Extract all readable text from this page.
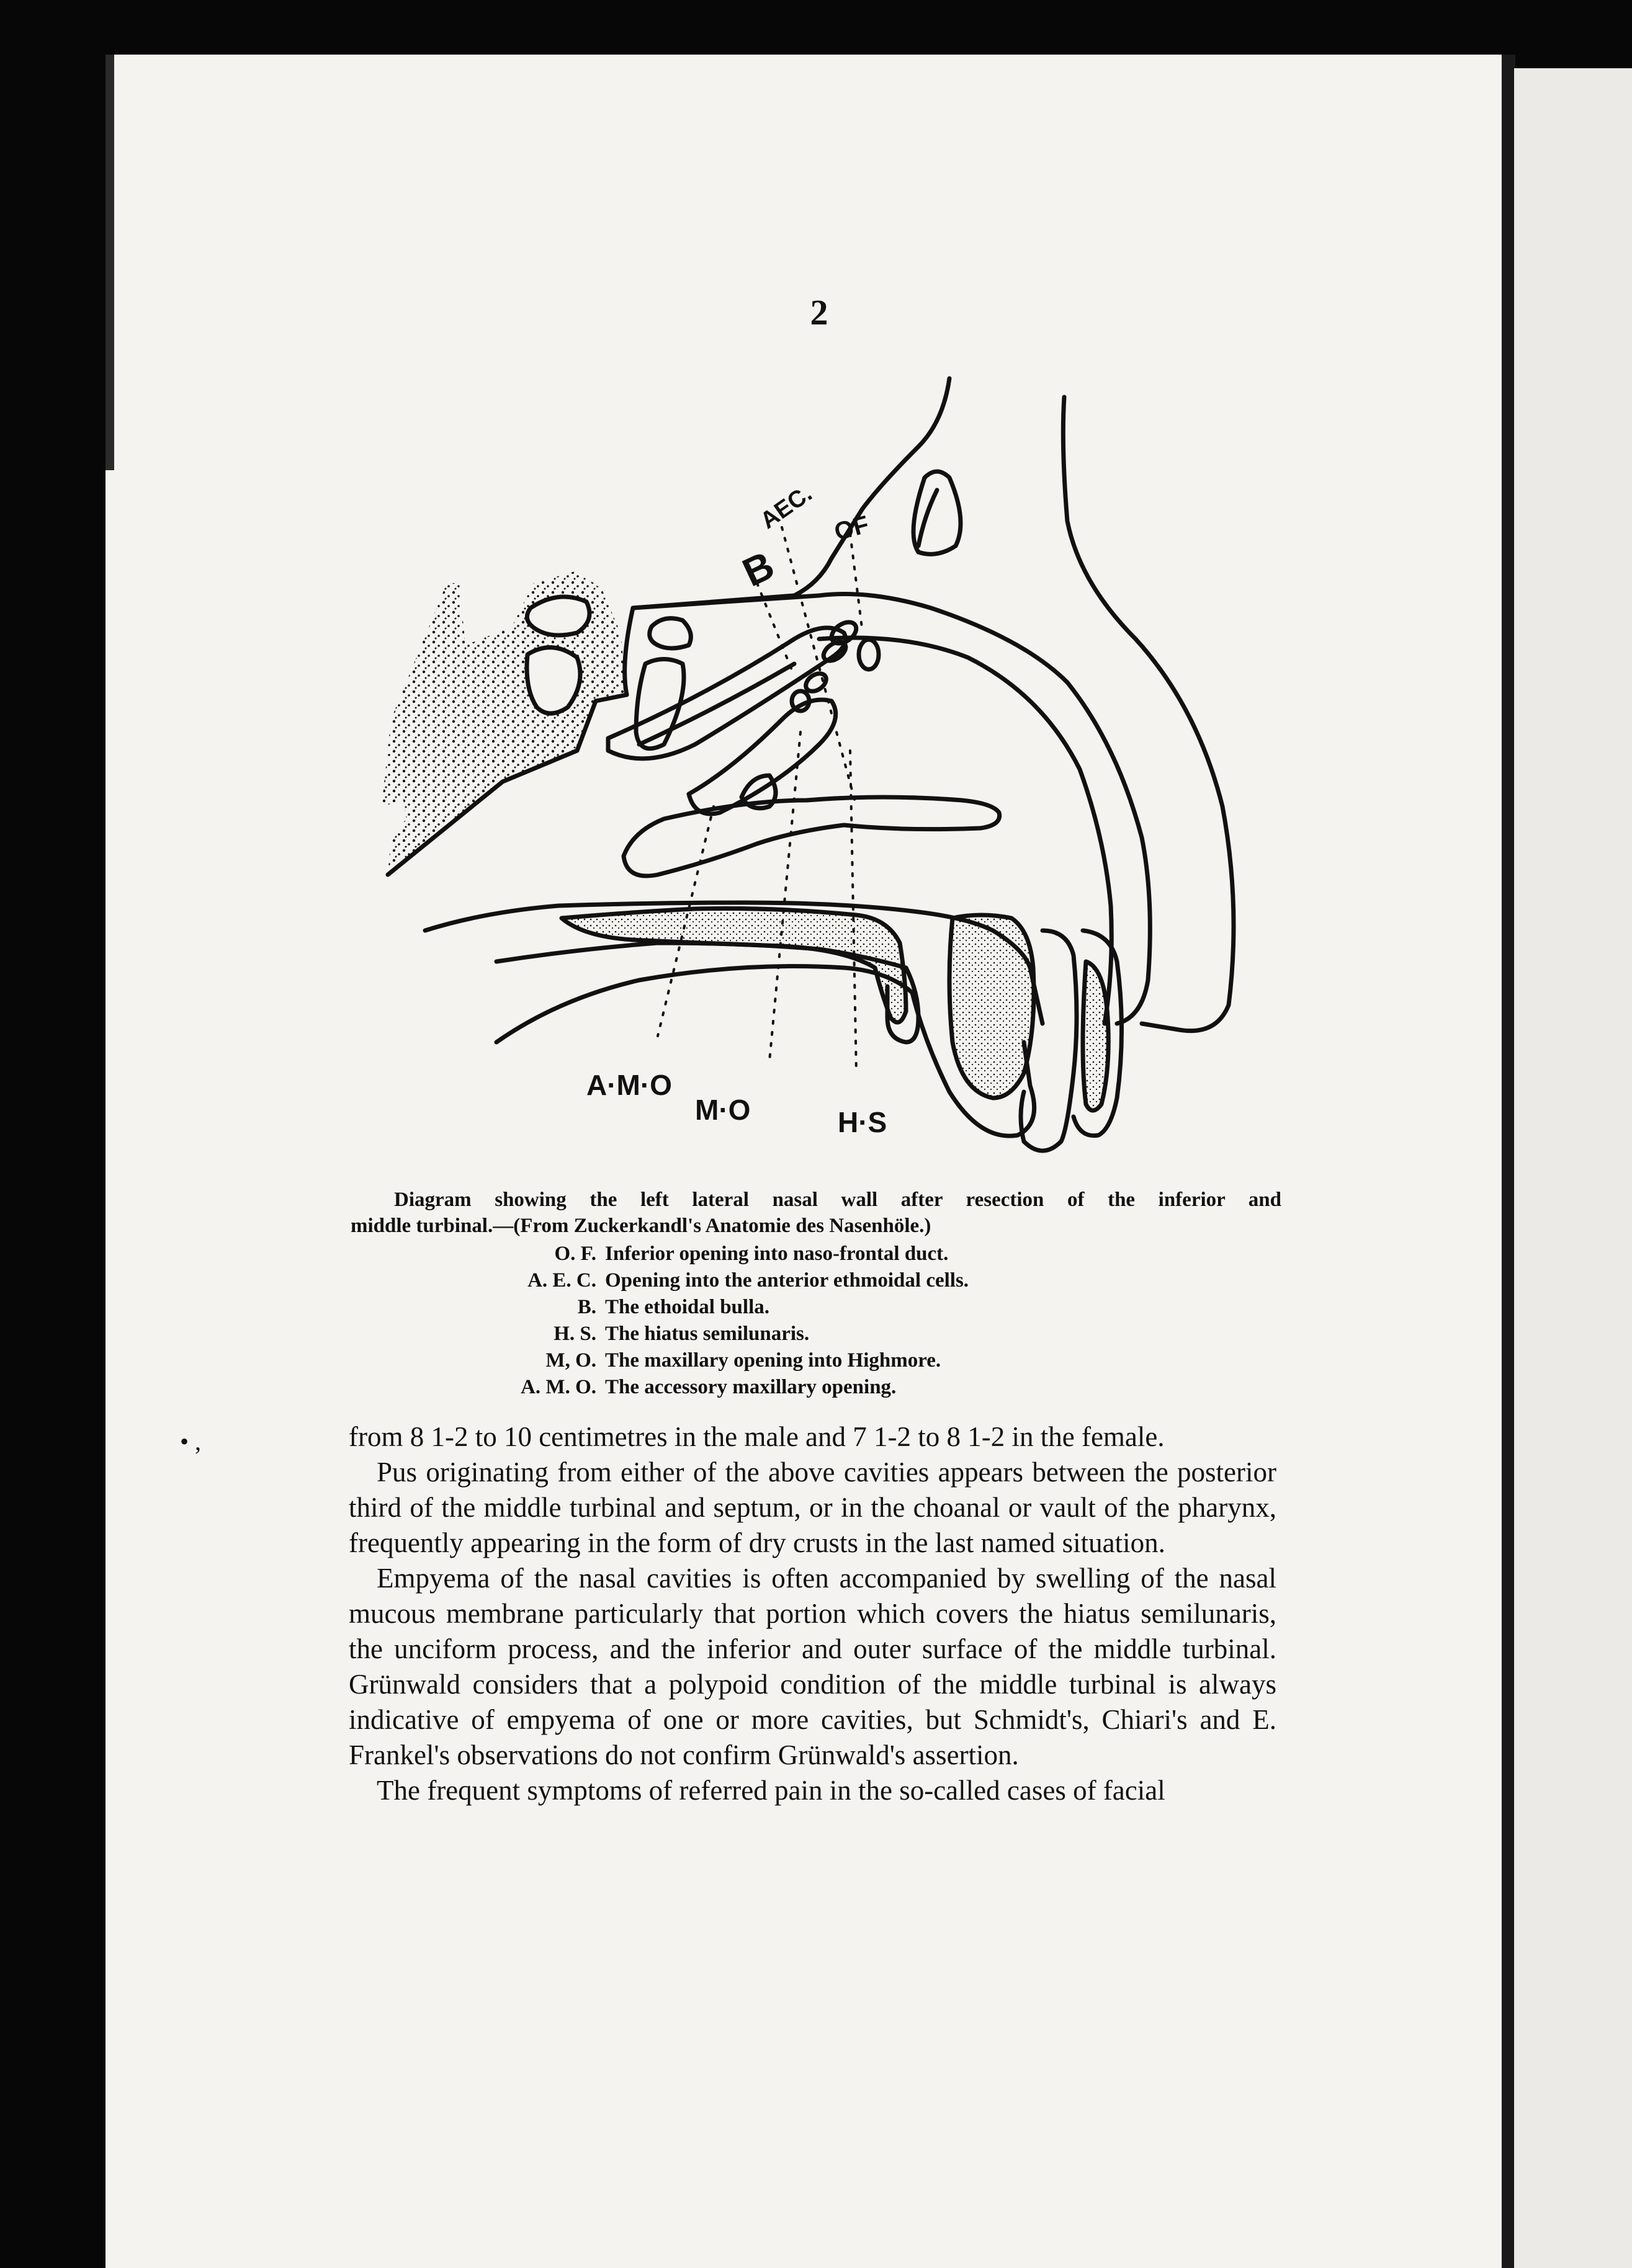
2
AEC.
B
OF
A·M·O
M·O	H·S
Diagram showing the left lateral nasal wall after resection of the inferior and
middle turbinal.—(From Zuckerkandl's Anatomie des Nasenhöle.)
O. F. Inferior opening into naso-frontal duct.
A. E. C. Opening into the anterior ethmoidal cells.
B. The ethoidal bulla.
H. S. The hiatus semilunaris.
M, O. The maxillary opening into Highmore.
A. M. O. The accessory maxillary opening.
• ,	from 8 1-2 to 10 centimetres in the male and 7 1-2 to 8 1-2 in the female.

Pus originating from either of the above cavities appears between the posterior third of the middle turbinal and septum, or in the choanal or vault of the pharynx, frequently appearing in the form of dry crusts in the last named situation.

Empyema of the nasal cavities is often accompanied by swelling of the nasal mucous membrane particularly that portion which covers the hiatus semilunaris, the unciform process, and the inferior and outer surface of the middle turbinal. Grünwald considers that a polypoid condition of the middle turbinal is always indicative of empyema of one or more cavities, but Schmidt's, Chiari's and E. Frankel's observations do not confirm Grünwald's assertion.

The frequent symptoms of referred pain in the so-called cases of facial
